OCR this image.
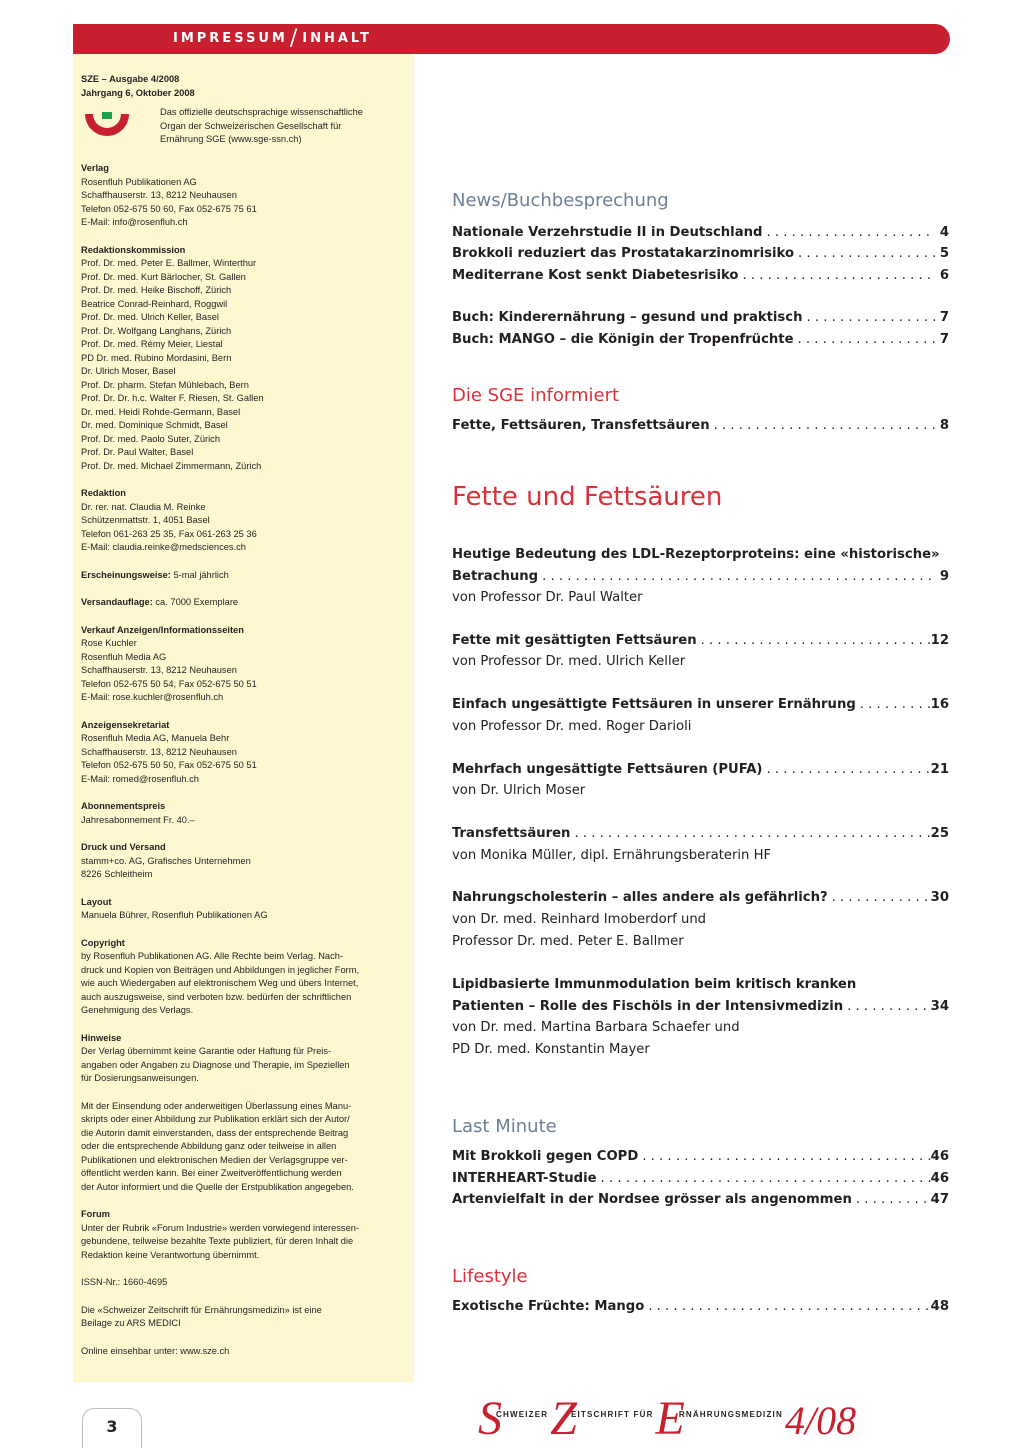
IMPRESSUM/ INHALT
SZE – Ausgabe 4/2008
Jahrgang 6, Oktober 2008
Das offizielle deutschsprachige wissenschaftliche
Organ der Schweizerischen Gesellschaft für
Ernährung SGE (www.sge-ssn.ch)
Verlag
Rosenfluh Publikationen AG
Schaffhauserstr. 13, 8212 Neuhausen
Telefon 052-675 50 60, Fax 052-675 75 61
E-Mail: info@rosenfluh.ch
Redaktionskommission
Prof. Dr. med. Peter E. Ballmer, Winterthur
Prof. Dr. med. Kurt Bärlocher, St. Gallen
Prof. Dr. med. Heike Bischoff, Zürich
Beatrice Conrad-Reinhard, Roggwil
Prof. Dr. med. Ulrich Keller, Basel
Prof. Dr. Wolfgang Langhans, Zürich
Prof. Dr. med. Rémy Meier, Liestal
PD Dr. med. Rubino Mordasini, Bern
Dr. Ulrich Moser, Basel
Prof. Dr. pharm. Stefan Mühlebach, Bern
Prof. Dr. Dr. h.c. Walter F. Riesen, St. Gallen
Dr. med. Heidi Rohde-Germann, Basel
Dr. med. Dominique Schmidt, Basel
Prof. Dr. med. Paolo Suter, Zürich
Prof. Dr. Paul Walter, Basel
Prof. Dr. med. Michael Zimmermann, Zürich
Redaktion
Dr. rer. nat. Claudia M. Reinke
Schützenmattstr. 1, 4051 Basel
Telefon 061-263 25 35, Fax 061-263 25 36
E-Mail: claudia.reinke@medsciences.ch
Erscheinungsweise: 5-mal jährlich
Versandauflage: ca. 7000 Exemplare
Verkauf Anzeigen/Informationsseiten
Rose Kuchler
Rosenfluh Media AG
Schaffhauserstr. 13, 8212 Neuhausen
Telefon 052-675 50 54, Fax 052-675 50 51
E-Mail: rose.kuchler@rosenfluh.ch
Anzeigensekretariat
Rosenfluh Media AG, Manuela Behr
Schaffhauserstr. 13, 8212 Neuhausen
Telefon 052-675 50 50, Fax 052-675 50 51
E-Mail: romed@rosenfluh.ch
Abonnementspreis
Jahresabonnement Fr. 40.–
Druck und Versand
stamm+co. AG, Grafisches Unternehmen
8226 Schleitheim
Layout
Manuela Bührer, Rosenfluh Publikationen AG
Copyright
by Rosenfluh Publikationen AG. Alle Rechte beim Verlag. Nach-
druck und Kopien von Beiträgen und Abbildungen in jeglicher Form,
wie auch Wiedergaben auf elektronischem Weg und übers Internet,
auch auszugsweise, sind verboten bzw. bedürfen der schriftlichen
Genehmigung des Verlags.
Hinweise
Der Verlag übernimmt keine Garantie oder Haftung für Preis-
angaben oder Angaben zu Diagnose und Therapie, im Speziellen
für Dosierungsanweisungen.
Mit der Einsendung oder anderweitigen Überlassung eines Manu-
skripts oder einer Abbildung zur Publikation erklärt sich der Autor/
die Autorin damit einverstanden, dass der entsprechende Beitrag
oder die entsprechende Abbildung ganz oder teilweise in allen
Publikationen und elektronischen Medien der Verlagsgruppe ver-
öffentlicht werden kann. Bei einer Zweitveröffentlichung werden
der Autor informiert und die Quelle der Erstpublikation angegeben.
Forum
Unter der Rubrik «Forum Industrie» werden vorwiegend interessen-
gebundene, teilweise bezahlte Texte publiziert, für deren Inhalt die
Redaktion keine Verantwortung übernimmt.
ISSN-Nr.: 1660-4695
Die «Schweizer Zeitschrift für Ernährungsmedizin» ist eine
Beilage zu ARS MEDICI
Online einsehbar unter: www.sze.ch
News/Buchbesprechung
Nationale Verzehrstudie II in Deutschland . . .	4
Brokkoli reduziert das Prostatakarzinomrisiko . . .	5
Mediterrane Kost senkt Diabetesrisiko . . .	6
Buch: Kinderernährung – gesund und praktisch . . .	7
Buch: MANGO – die Königin der Tropenfrüchte . . .	7
Die SGE informiert
Fette, Fettsäuren, Transfettsäuren . . .	8
Fette und Fettsäuren
Heutige Bedeutung des LDL-Rezeptorproteins: eine «historische»
Betrachung . . .	9
von Professor Dr. Paul Walter
Fette mit gesättigten Fettsäuren . . .	12
von Professor Dr. med. Ulrich Keller
Einfach ungesättigte Fettsäuren in unserer Ernährung . . .	16
von Professor Dr. med. Roger Darioli
Mehrfach ungesättigte Fettsäuren (PUFA) . . .	21
von Dr. Ulrich Moser
Transfettsäuren . . .	25
von Monika Müller, dipl. Ernährungsberaterin HF
Nahrungscholesterin – alles andere als gefährlich? . . .	30
von Dr. med. Reinhard Imoberdorf und
Professor Dr. med. Peter E. Ballmer
Lipidbasierte Immunmodulation beim kritisch kranken
Patienten – Rolle des Fischöls in der Intensivmedizin . . .	34
von Dr. med. Martina Barbara Schaefer und
PD Dr. med. Konstantin Mayer
Last Minute
Mit Brokkoli gegen COPD . . .	46
INTERHEART-Studie . . .	46
Artenvielfalt in der Nordsee grösser als angenommen . . .	47
Lifestyle
Exotische Früchte: Mango . . .	48
3	$S^{CHWEIZER}$ $Z^{EITSCHRIFT FÜR}$ $E^{RNÄHRUNGSMEDIZIN}4/08$
